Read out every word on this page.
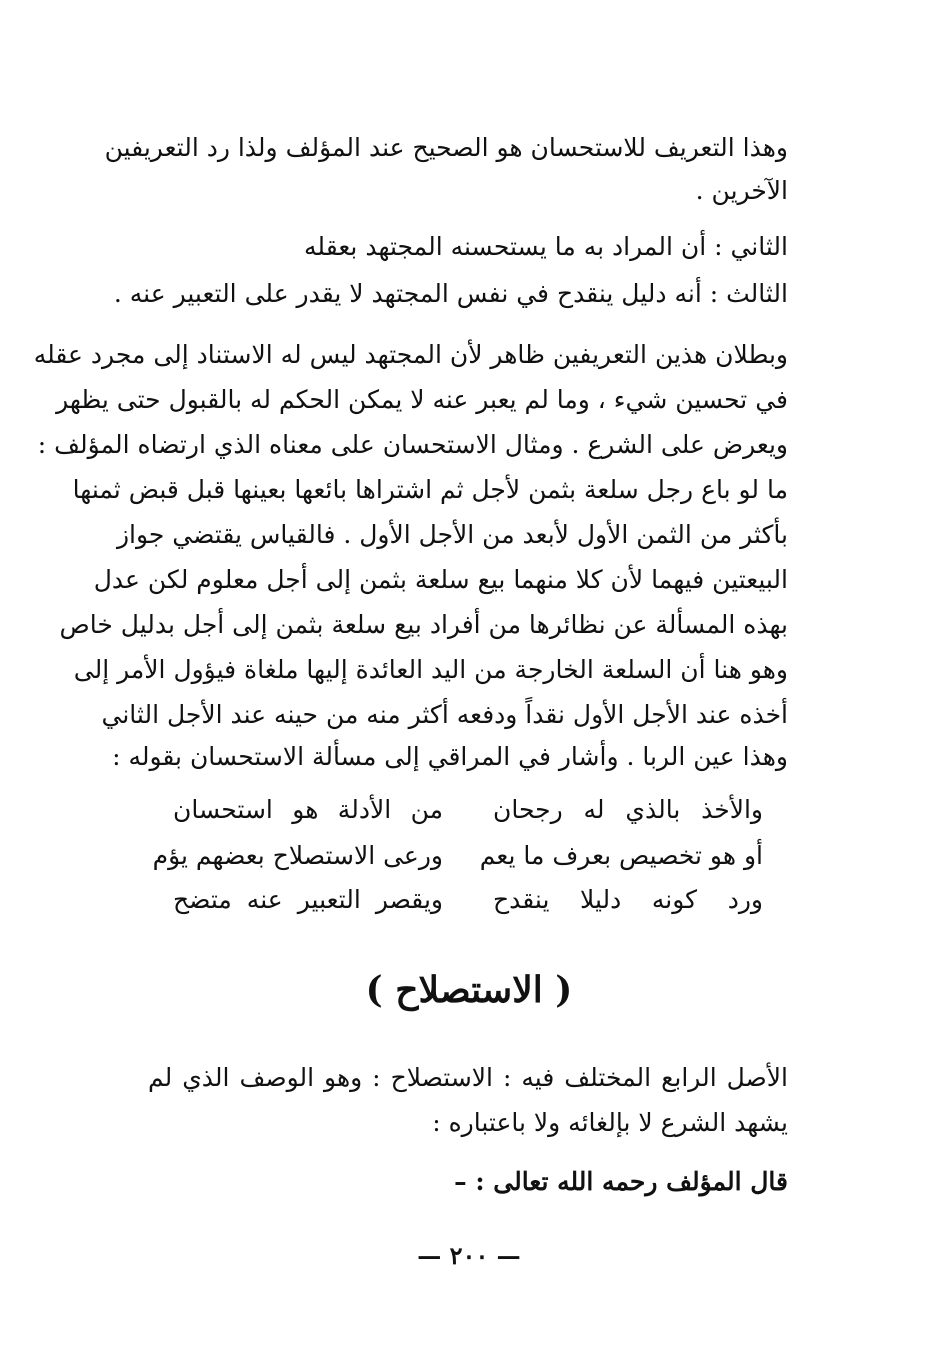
وهذا التعريف للاستحسان هو الصحيح عند المؤلف ولذا رد التعريفين
الآخرين .
الثاني : أن المراد به ما يستحسنه المجتهد بعقله
الثالث : أنه دليل ينقدح في نفس المجتهد لا يقدر على التعبير عنه .
وبطلان هذين التعريفين ظاهر لأن المجتهد ليس له الاستناد إلى مجرد عقله
في تحسين شيء ، وما لم يعبر عنه لا يمكن الحكم له بالقبول حتى يظهر
ويعرض على الشرع . ومثال الاستحسان على معناه الذي ارتضاه المؤلف :
ما لو باع رجل سلعة بثمن لأجل ثم اشتراها بائعها بعينها قبل قبض ثمنها
بأكثر من الثمن الأول لأبعد من الأجل الأول . فالقياس يقتضي جواز
البيعتين فيهما لأن كلا منهما بيع سلعة بثمن إلى أجل معلوم لكن عدل
بهذه المسألة عن نظائرها من أفراد بيع سلعة بثمن إلى أجل بدليل خاص
وهو هنا أن السلعة الخارجة من اليد العائدة إليها ملغاة فيؤول الأمر إلى
أخذه عند الأجل الأول نقداً ودفعه أكثر منه من حينه عند الأجل الثاني
وهذا عين الربا . وأشار في المراقي إلى مسألة الاستحسان بقوله :
والأخذ بالذي له رجحان
من الأدلة هو استحسان
أو هو تخصيص بعرف ما يعم
ورعى الاستصلاح بعضهم يؤم
ورد كونه دليلا ينقدح
ويقصر التعبير عنه متضح
( الاستصلاح )
الأصل الرابع المختلف فيه : الاستصلاح : وهو الوصف الذي لم
يشهد الشرع لا بإلغائه ولا باعتباره :
قال المؤلف رحمه الله تعالى : –
— ٢٠٠ —
